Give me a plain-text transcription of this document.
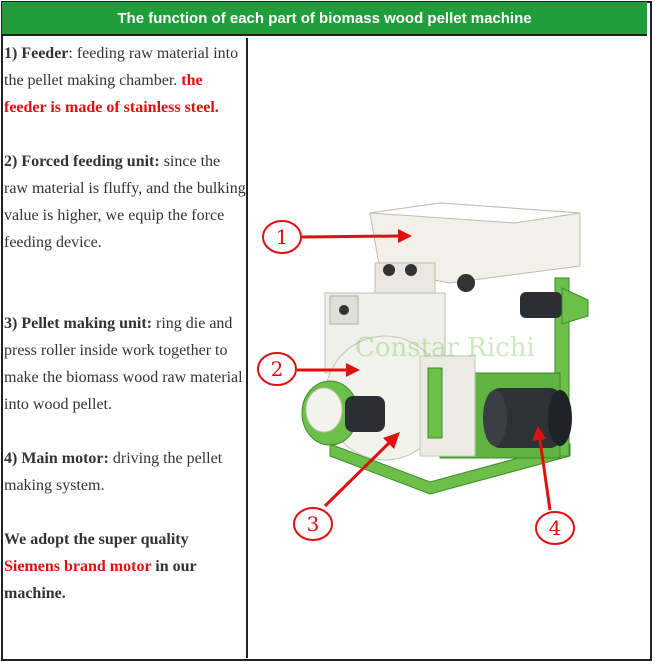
The function of each part of biomass wood pellet machine

1) Feeder: feeding raw material into the pellet making chamber. the feeder is made of stainless steel.

2) Forced feeding unit: since the raw material is fluffy, and the bulking value is higher, we equip the force feeding device.

3) Pellet making unit: ring die and press roller inside work together to make the biomass wood raw material into wood pellet.

4) Main motor: driving the pellet making system.

We adopt the super quality Siemens brand motor in our machine.

Constar Richi
1
2
3	4
